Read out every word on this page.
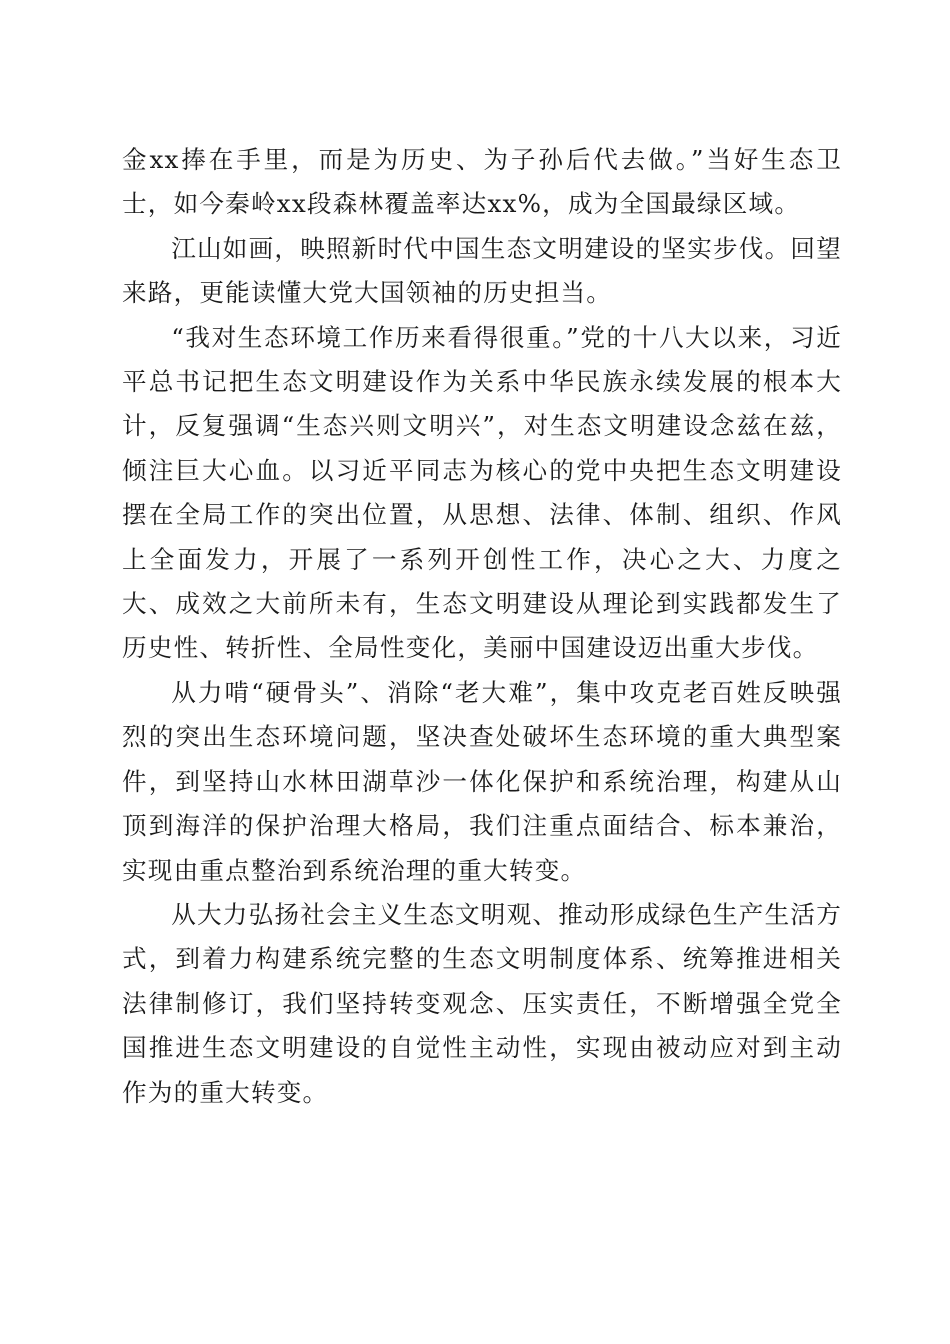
金xx捧在手里，而是为历史、为子孙后代去做。”当好生态卫士，如今秦岭xx段森林覆盖率达xx%，成为全国最绿区域。

江山如画，映照新时代中国生态文明建设的坚实步伐。回望来路，更能读懂大党大国领袖的历史担当。

“我对生态环境工作历来看得很重。”党的十八大以来，习近平总书记把生态文明建设作为关系中华民族永续发展的根本大计，反复强调“生态兴则文明兴”，对生态文明建设念兹在兹，倾注巨大心血。以习近平同志为核心的党中央把生态文明建设摆在全局工作的突出位置，从思想、法律、体制、组织、作风上全面发力，开展了一系列开创性工作，决心之大、力度之大、成效之大前所未有，生态文明建设从理论到实践都发生了历史性、转折性、全局性变化，美丽中国建设迈出重大步伐。

从力啃“硬骨头”、消除“老大难”，集中攻克老百姓反映强烈的突出生态环境问题，坚决查处破坏生态环境的重大典型案件，到坚持山水林田湖草沙一体化保护和系统治理，构建从山顶到海洋的保护治理大格局，我们注重点面结合、标本兼治，实现由重点整治到系统治理的重大转变。

从大力弘扬社会主义生态文明观、推动形成绿色生产生活方式，到着力构建系统完整的生态文明制度体系、统筹推进相关法律制修订，我们坚持转变观念、压实责任，不断增强全党全国推进生态文明建设的自觉性主动性，实现由被动应对到主动作为的重大转变。
